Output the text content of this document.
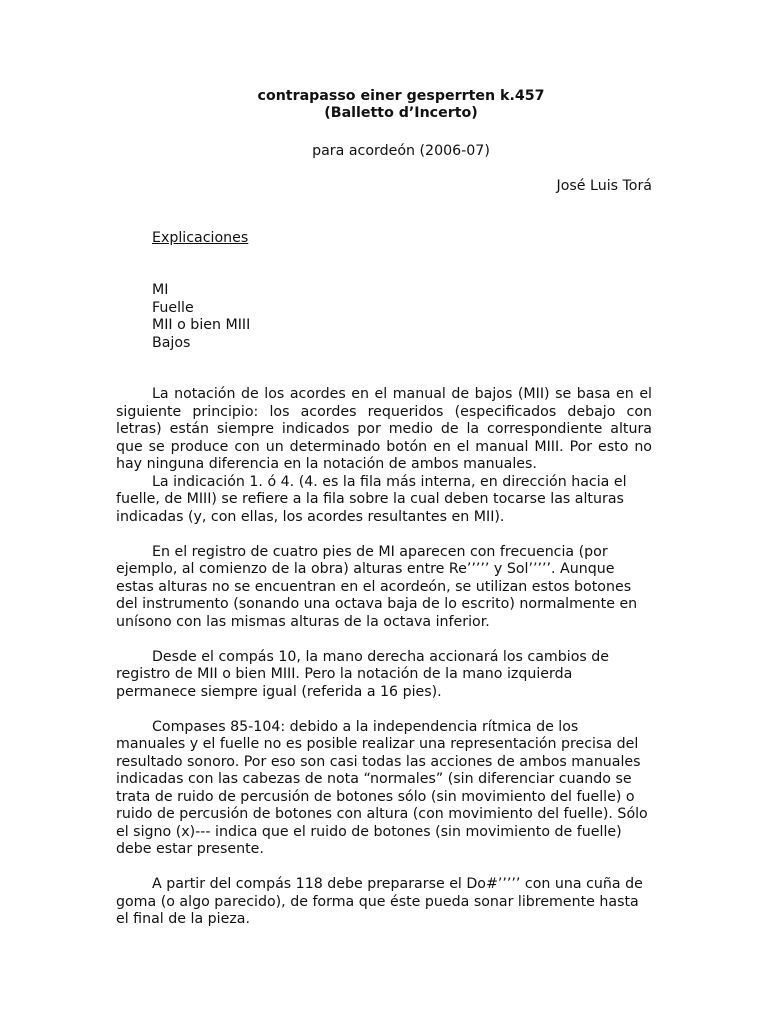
contrapasso einer gesperrten k.457
(Balletto d’Incerto)
para acordeón (2006-07)
José Luis Torá
Explicaciones
MI
Fuelle
MII o bien MIII
Bajos

La notación de los acordes en el manual de bajos (MII) se basa en el siguiente principio: los acordes requeridos (especificados debajo con letras) están siempre indicados por medio de la correspondiente altura que se produce con un determinado botón en el manual MIII. Por esto no hay ninguna diferencia en la notación de ambos manuales.

La indicación 1. ó 4. (4. es la fila más interna, en dirección hacia el fuelle, de MIII) se refiere a la fila sobre la cual deben tocarse las alturas indicadas (y, con ellas, los acordes resultantes en MII).

En el registro de cuatro pies de MI aparecen con frecuencia (por ejemplo, al comienzo de la obra) alturas entre Re’’’’’ y Sol’’’’’. Aunque estas alturas no se encuentran en el acordeón, se utilizan estos botones del instrumento (sonando una octava baja de lo escrito) normalmente en unísono con las mismas alturas de la octava inferior.

Desde el compás 10, la mano derecha accionará los cambios de registro de MII o bien MIII. Pero la notación de la mano izquierda permanece siempre igual (referida a 16 pies).

Compases 85-104: debido a la independencia rítmica de los manuales y el fuelle no es posible realizar una representación precisa del resultado sonoro. Por eso son casi todas las acciones de ambos manuales indicadas con las cabezas de nota “normales” (sin diferenciar cuando se trata de ruido de percusión de botones sólo (sin movimiento del fuelle) o ruido de percusión de botones con altura (con movimiento del fuelle). Sólo el signo (x)--- indica que el ruido de botones (sin movimiento de fuelle) debe estar presente.

A partir del compás 118 debe prepararse el Do#’’’’’ con una cuña de goma (o algo parecido), de forma que éste pueda sonar libremente hasta el final de la pieza.
